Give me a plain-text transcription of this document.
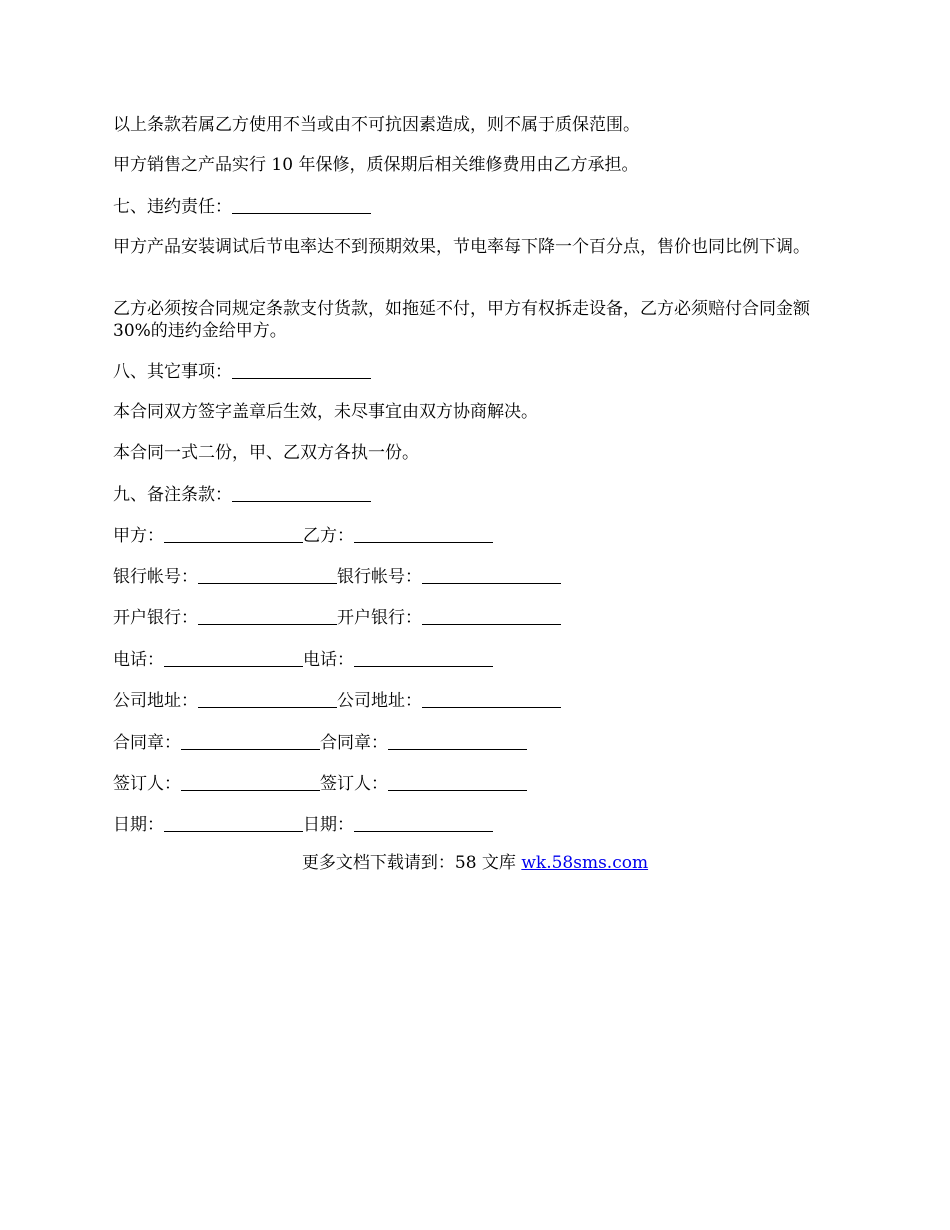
以上条款若属乙方使用不当或由不可抗因素造成，则不属于质保范围。
甲方销售之产品实行 10 年保修，质保期后相关维修费用由乙方承担。
七、违约责任：
甲方产品安装调试后节电率达不到预期效果，节电率每下降一个百分点，售价也同比例下调。
乙方必须按合同规定条款支付货款，如拖延不付，甲方有权拆走设备，乙方必须赔付合同金额 30%的违约金给甲方。
八、其它事项：
本合同双方签字盖章后生效，未尽事宜由双方协商解决。
本合同一式二份，甲、乙双方各执一份。
九、备注条款：
甲方：	乙方：
银行帐号：	银行帐号：
开户银行：	开户银行：
电话：	电话：
公司地址：	公司地址：
合同章：	合同章：
签订人：	签订人：
日期：	日期：
更多文档下载请到：58 文库 wk.58sms.com
